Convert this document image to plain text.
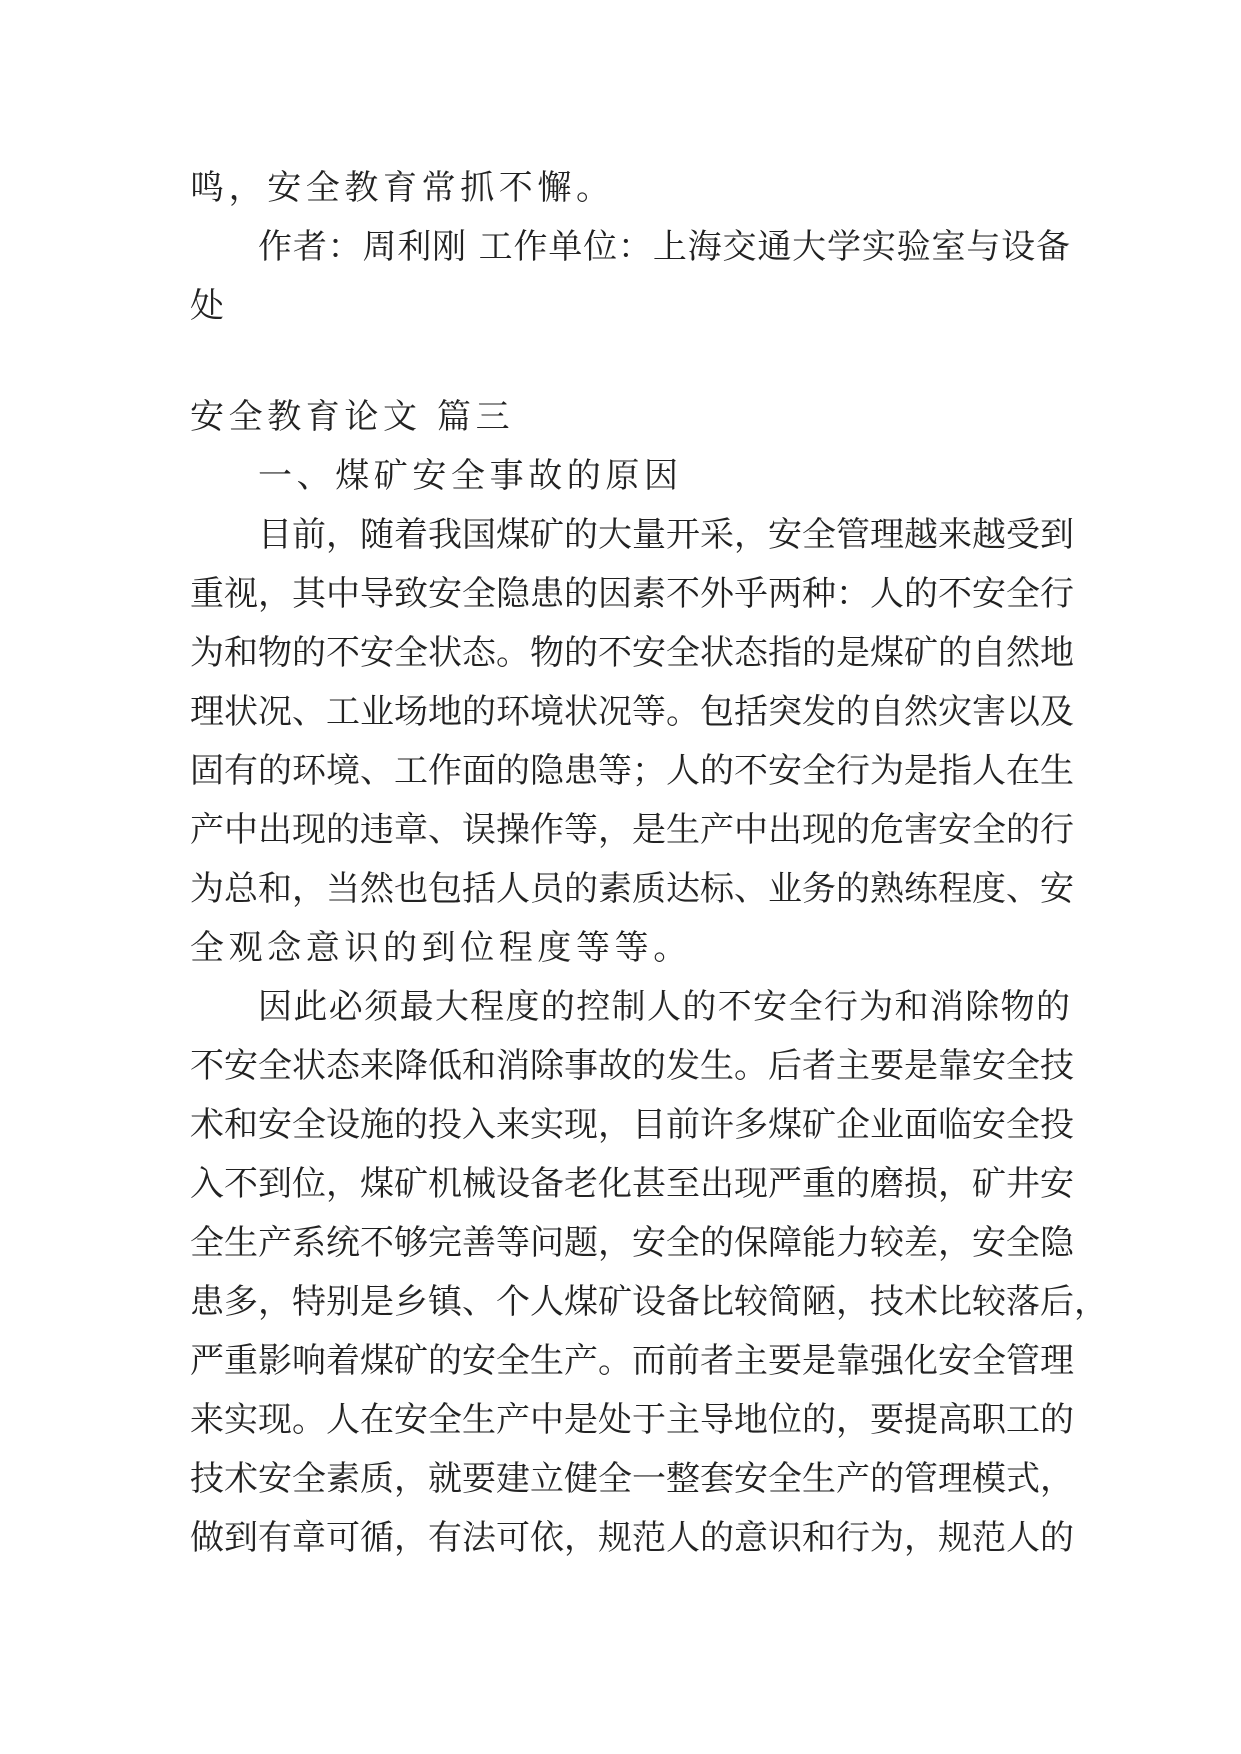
鸣，安全教育常抓不懈。
作者：周利刚 工作单位：上海交通大学实验室与设备
处
安全教育论文 篇三
一、煤矿安全事故的原因
目前，随着我国煤矿的大量开采，安全管理越来越受到
重视，其中导致安全隐患的因素不外乎两种：人的不安全行
为和物的不安全状态。物的不安全状态指的是煤矿的自然地
理状况、工业场地的环境状况等。包括突发的自然灾害以及
固有的环境、工作面的隐患等；人的不安全行为是指人在生
产中出现的违章、误操作等，是生产中出现的危害安全的行
为总和，当然也包括人员的素质达标、业务的熟练程度、安
全观念意识的到位程度等等。
因此必须最大程度的控制人的不安全行为和消除物的
不安全状态来降低和消除事故的发生。后者主要是靠安全技
术和安全设施的投入来实现，目前许多煤矿企业面临安全投
入不到位，煤矿机械设备老化甚至出现严重的磨损，矿井安
全生产系统不够完善等问题，安全的保障能力较差，安全隐
患多，特别是乡镇、个人煤矿设备比较简陋，技术比较落后，
严重影响着煤矿的安全生产。而前者主要是靠强化安全管理
来实现。人在安全生产中是处于主导地位的，要提高职工的
技术安全素质，就要建立健全一整套安全生产的管理模式，
做到有章可循，有法可依，规范人的意识和行为，规范人的
